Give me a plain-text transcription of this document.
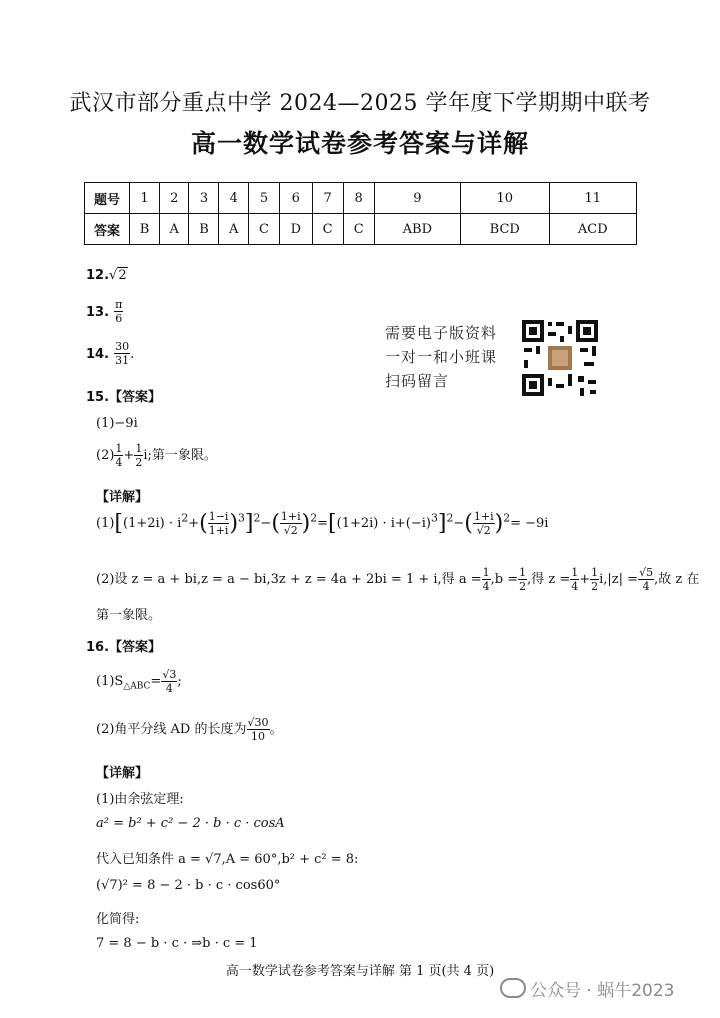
武汉市部分重点中学 2024—2025 学年度下学期期中联考
高一数学试卷参考答案与详解
题号	1	2	3	4	5	6	7	8	9	10	11
答案	B	A	B	A	C	D	C	C	ABD	BCD	ACD
12.√2
13. $\frac{\pi}{6}$
14. $\frac{30}{31}$ .
需要电子版资料
一对一和小班课
扫码留言
15.【答案】
(1)−9i
$(2) \frac{1}{4} + \frac{1}{2} i$;第一象限。
【详解】
$(1)[(1+2i) \cdot i^2+( \frac{1-i}{1+i} )^3]^2-( \frac{1+i}{√2} )^2=[(1+2i) \cdot i+(-i)^3]^2-( \frac{1+i}{√2} )^2= -9i$
(2)设 z = a + bi,z = a − bi,3z + z = 4a + 2bi = 1 + i,得 $a = \frac{1}{4} ,b = \frac{1}{2}$ ,得 $z = \frac{1}{4} + \frac{1}{2} i,|z| = \frac{√5}{4}$ ,故 z 在
第一象限。
16.【答案】
$(1)S_{\triangle ABC}= \frac{√3}{4}$ ;
(2)角平分线 AD 的长度为 $\frac{√30}{10}$ 。
【详解】
(1)由余弦定理:
a² = b² + c² − 2 · b · c · cosA
代入已知条件 a = √7,A = 60°,b² + c² = 8:
(√7)² = 8 − 2 · b · c · cos60°
化简得:
7 = 8 − b · c · ⇒b · c = 1
高一数学试卷参考答案与详解 第 1 页(共 4 页)
公众号 · 蜗牛2023
